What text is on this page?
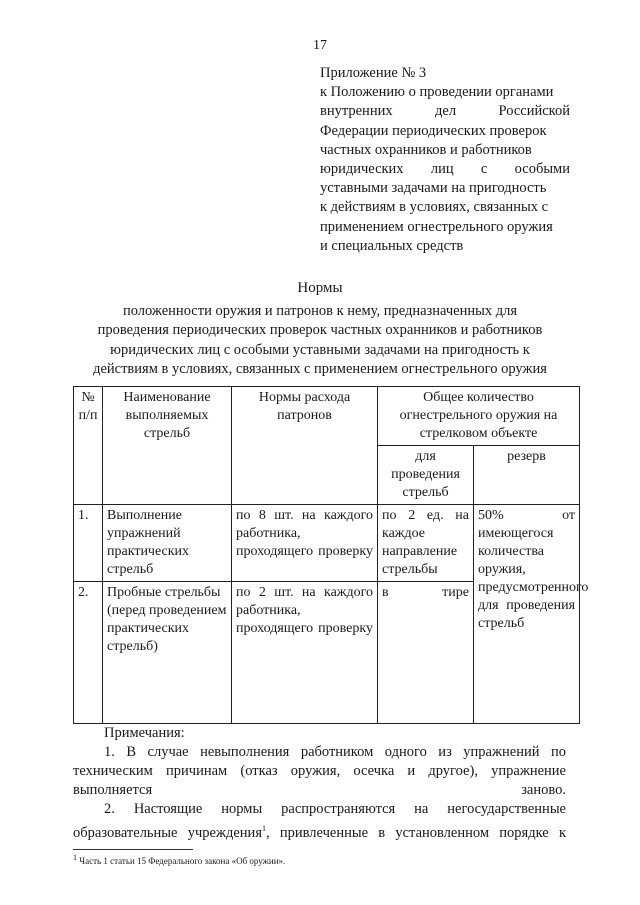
17
Приложение № 3
к Положению о проведении органами
внутренних дел Российской
Федерации периодических проверок
частных охранников и работников
юридических лиц с особыми
уставными задачами на пригодность
к действиям в условиях, связанных с
применением огнестрельного оружия
и специальных средств
Нормы
положенности оружия и патронов к нему, предназначенных для
проведения периодических проверок частных охранников и работников
юридических лиц с особыми уставными задачами на пригодность к
действиям в условиях, связанных с применением огнестрельного оружия
№ п/п	Наименование выполняемых стрельб	Нормы расхода патронов	Общее количество огнестрельного оружия на стрелковом объекте	
			для проведения стрельб	резерв
1.	Выполнение упражнений практических стрельб	по 8 шт. на каждого работника, проходящего проверку	по 2 ед. на каждое направление стрельбы	50% от имеющегося количества оружия, предусмотренного для проведения стрельб
2.	Пробные стрельбы (перед проведением практических стрельб)	по 2 шт. на каждого работника, проходящего проверку	в тире	

Примечания:

1. В случае невыполнения работником одного из упражнений по техническим причинам (отказ оружия, осечка и другое), упражнение выполняется заново.

2. Настоящие нормы распространяются на негосударственные образовательные учреждения$^1$, привлеченные в установленном порядке к

$^1$ Часть 1 статьи 15 Федерального закона «Об оружии».
